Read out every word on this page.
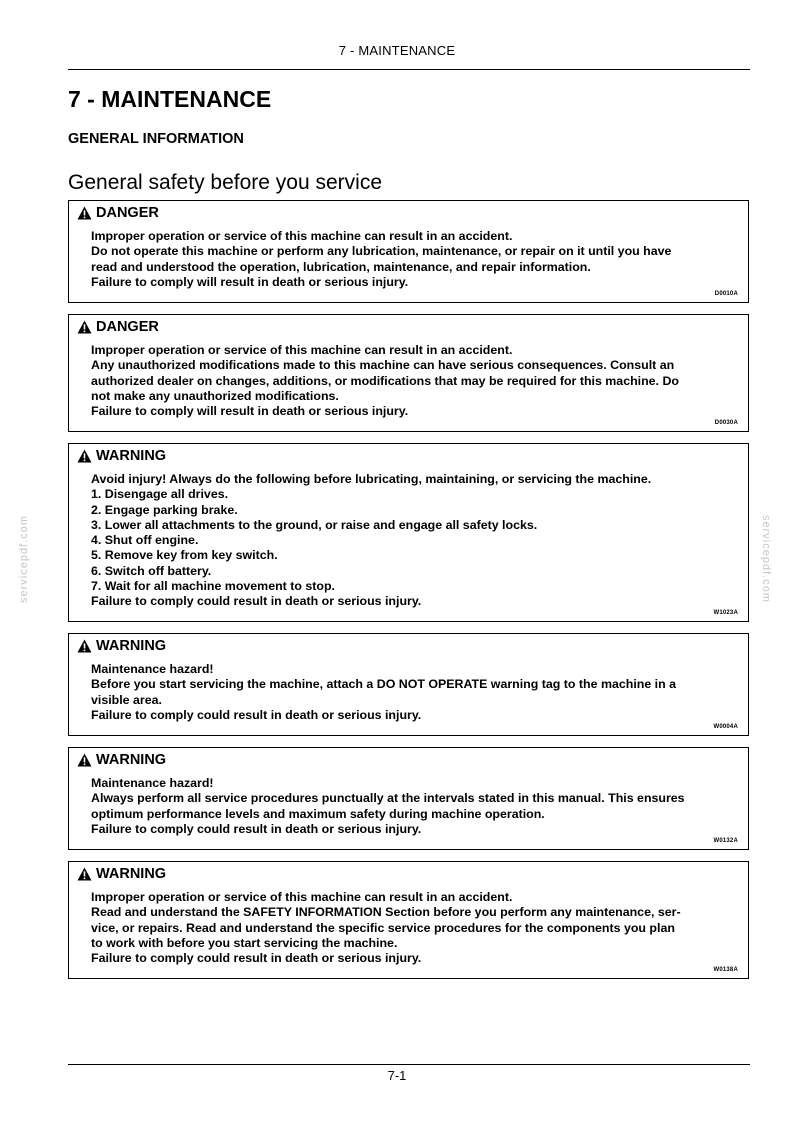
7 - MAINTENANCE
7 - MAINTENANCE
GENERAL INFORMATION
General safety before you service
DANGER
Improper operation or service of this machine can result in an accident.
Do not operate this machine or perform any lubrication, maintenance, or repair on it until you have
read and understood the operation, lubrication, maintenance, and repair information.
Failure to comply will result in death or serious injury.
D0010A
DANGER
Improper operation or service of this machine can result in an accident.
Any unauthorized modifications made to this machine can have serious consequences. Consult an
authorized dealer on changes, additions, or modifications that may be required for this machine. Do
not make any unauthorized modifications.
Failure to comply will result in death or serious injury.
D0030A
WARNING
Avoid injury! Always do the following before lubricating, maintaining, or servicing the machine.
1. Disengage all drives.
2. Engage parking brake.
3. Lower all attachments to the ground, or raise and engage all safety locks.
4. Shut off engine.
5. Remove key from key switch.
6. Switch off battery.
7. Wait for all machine movement to stop.
Failure to comply could result in death or serious injury.
W1023A
WARNING
Maintenance hazard!
Before you start servicing the machine, attach a DO NOT OPERATE warning tag to the machine in a
visible area.
Failure to comply could result in death or serious injury.
W0004A
WARNING
Maintenance hazard!
Always perform all service procedures punctually at the intervals stated in this manual. This ensures
optimum performance levels and maximum safety during machine operation.
Failure to comply could result in death or serious injury.
W0132A
WARNING
Improper operation or service of this machine can result in an accident.
Read and understand the SAFETY INFORMATION Section before you perform any maintenance, ser-
vice, or repairs. Read and understand the specific service procedures for the components you plan
to work with before you start servicing the machine.
Failure to comply could result in death or serious injury.
W0138A
servicepdf.com	servicepdf.com
7-1
